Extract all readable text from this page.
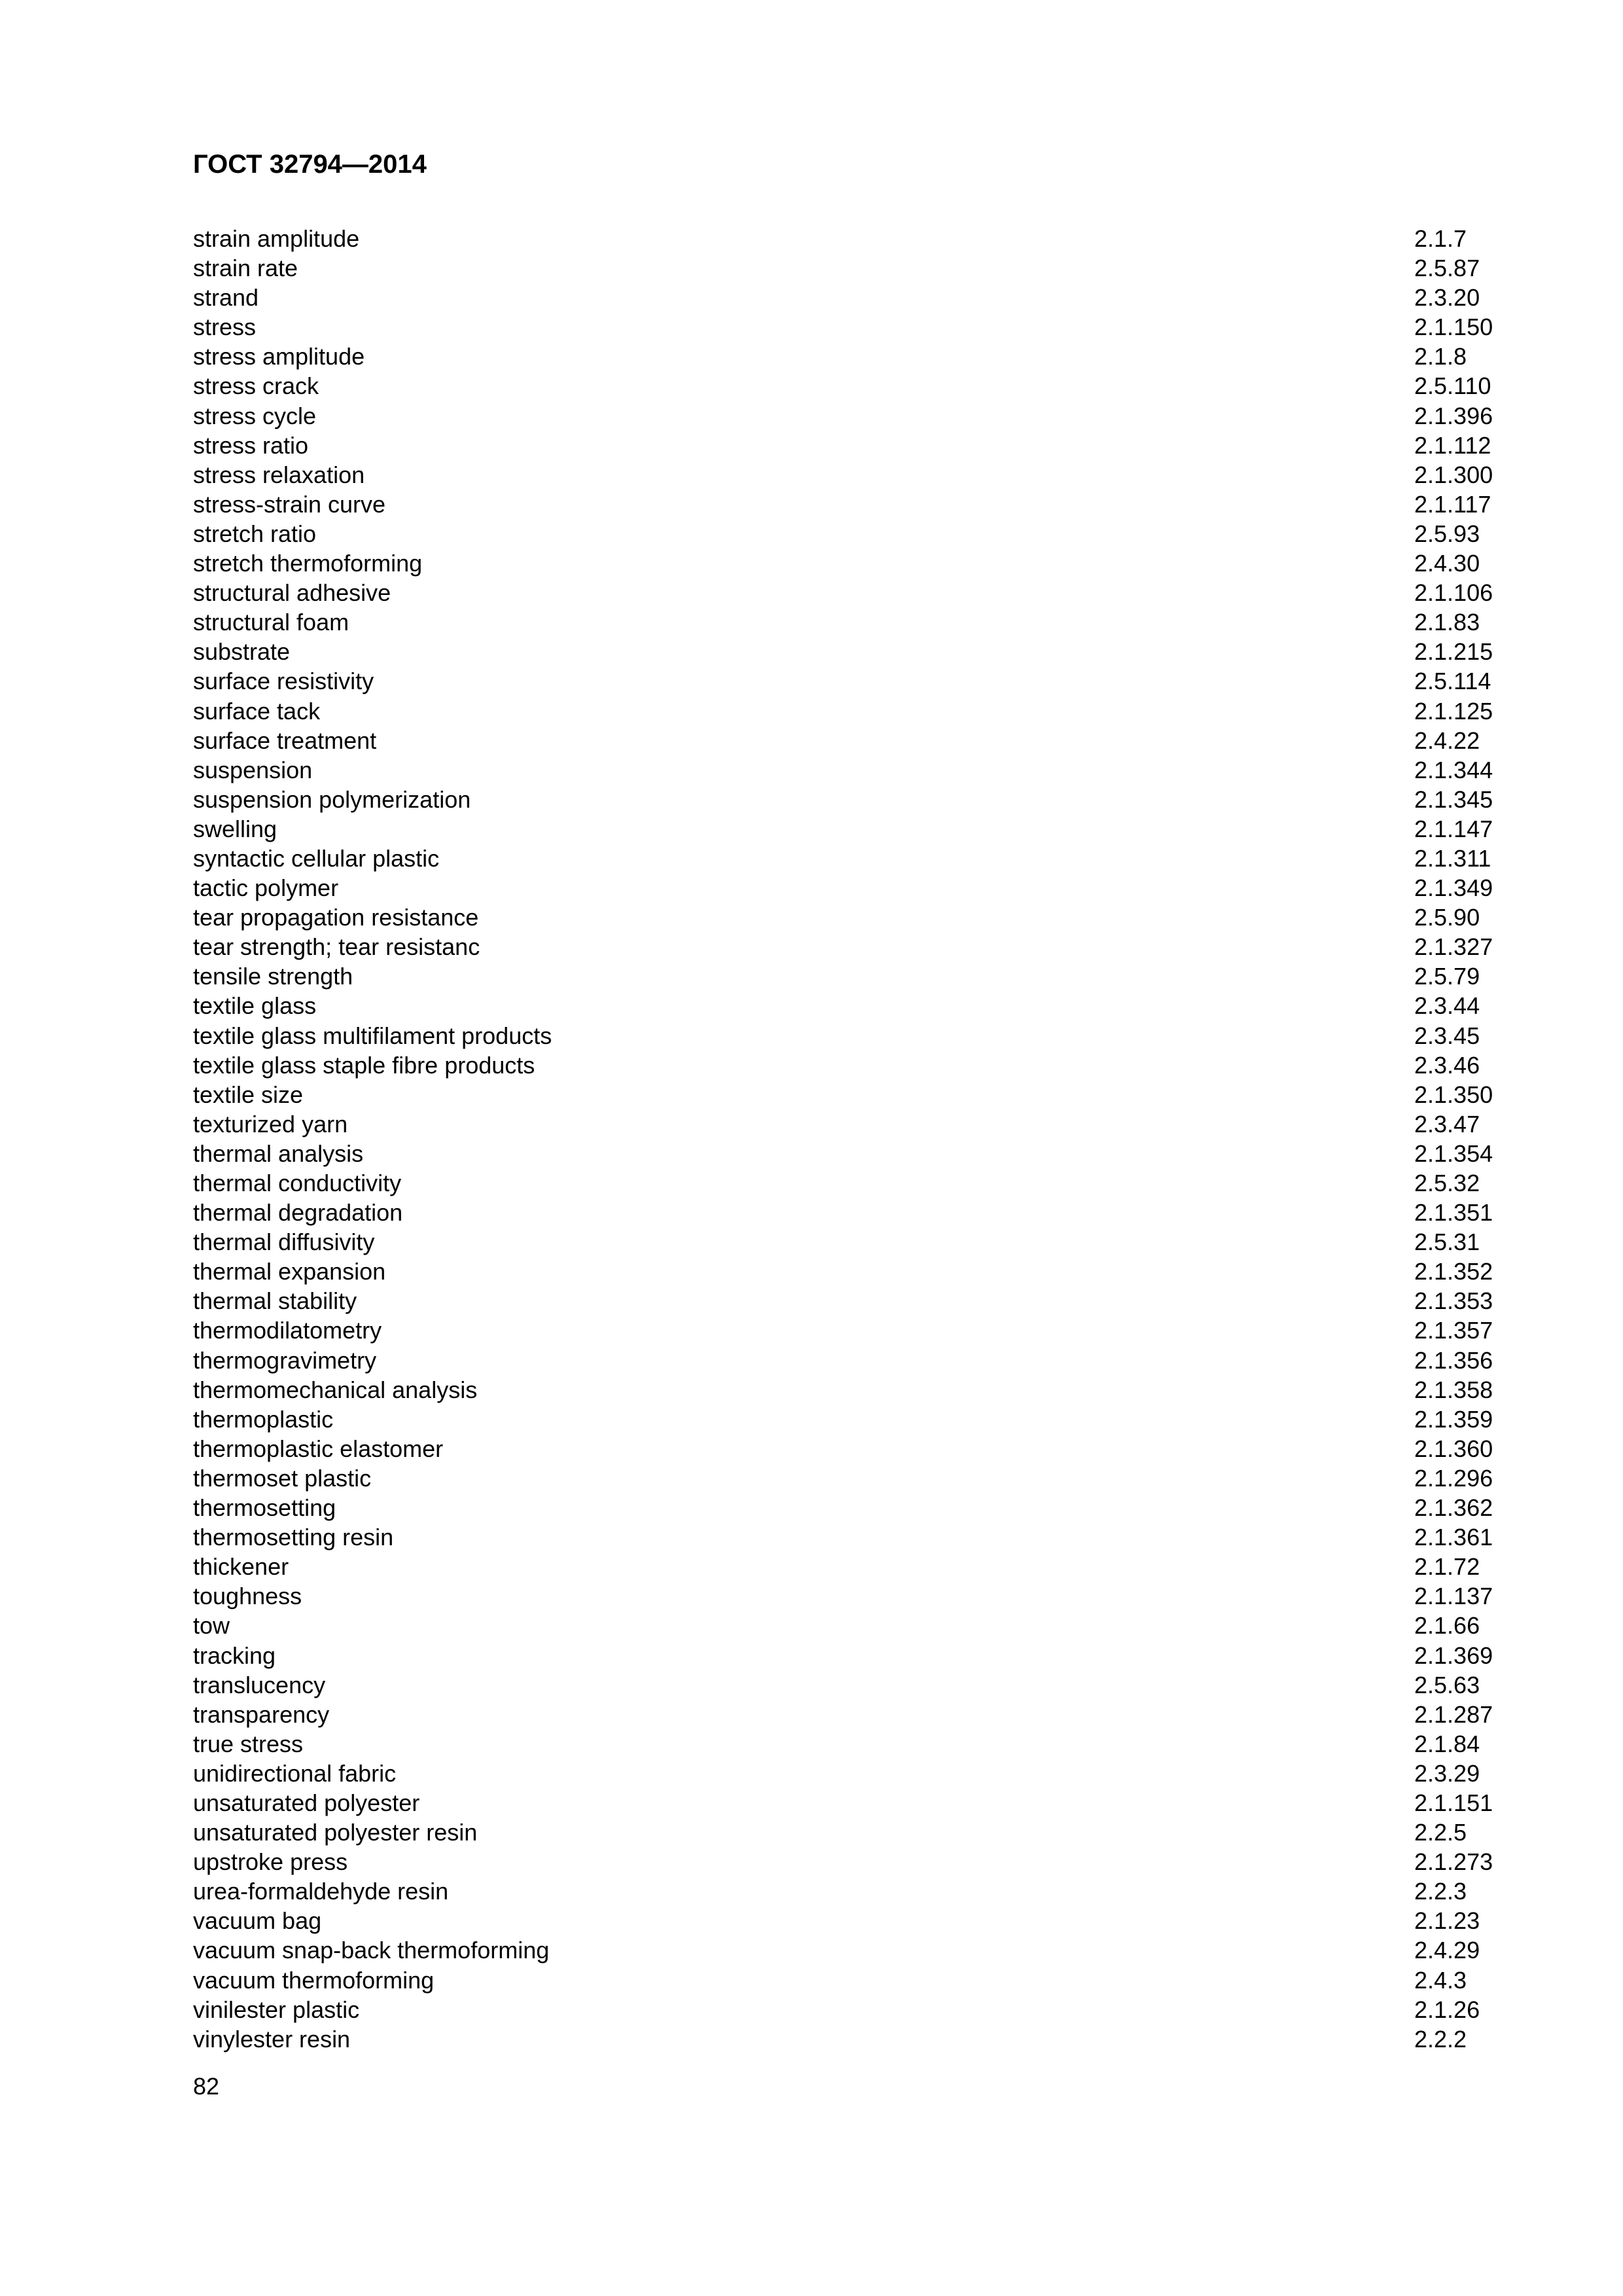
ГОСТ 32794—2014
strain amplitude	2.1.7
strain rate	2.5.87
strand	2.3.20
stress	2.1.150
stress amplitude	2.1.8
stress crack	2.5.110
stress cycle	2.1.396
stress ratio	2.1.112
stress relaxation	2.1.300
stress-strain curve	2.1.117
stretch ratio	2.5.93
stretch thermoforming	2.4.30
structural adhesive	2.1.106
structural foam	2.1.83
substrate	2.1.215
surface resistivity	2.5.114
surface tack	2.1.125
surface treatment	2.4.22
suspension	2.1.344
suspension polymerization	2.1.345
swelling	2.1.147
syntactic cellular plastic	2.1.311
tactic polymer	2.1.349
tear propagation resistance	2.5.90
tear strength; tear resistanc	2.1.327
tensile strength	2.5.79
textile glass	2.3.44
textile glass multifilament products	2.3.45
textile glass staple fibre products	2.3.46
textile size	2.1.350
texturized yarn	2.3.47
thermal analysis	2.1.354
thermal conductivity	2.5.32
thermal degradation	2.1.351
thermal diffusivity	2.5.31
thermal expansion	2.1.352
thermal stability	2.1.353
thermodilatometry	2.1.357
thermogravimetry	2.1.356
thermomechanical analysis	2.1.358
thermoplastic	2.1.359
thermoplastic elastomer	2.1.360
thermoset plastic	2.1.296
thermosetting	2.1.362
thermosetting resin	2.1.361
thickener	2.1.72
toughness	2.1.137
tow	2.1.66
tracking	2.1.369
translucency	2.5.63
transparency	2.1.287
true stress	2.1.84
unidirectional fabric	2.3.29
unsaturated polyester	2.1.151
unsaturated polyester resin	2.2.5
upstroke press	2.1.273
urea-formaldehyde resin	2.2.3
vacuum bag	2.1.23
vacuum snap-back thermoforming	2.4.29
vacuum thermoforming	2.4.3
vinilester plastic	2.1.26
vinylester resin	2.2.2
82
